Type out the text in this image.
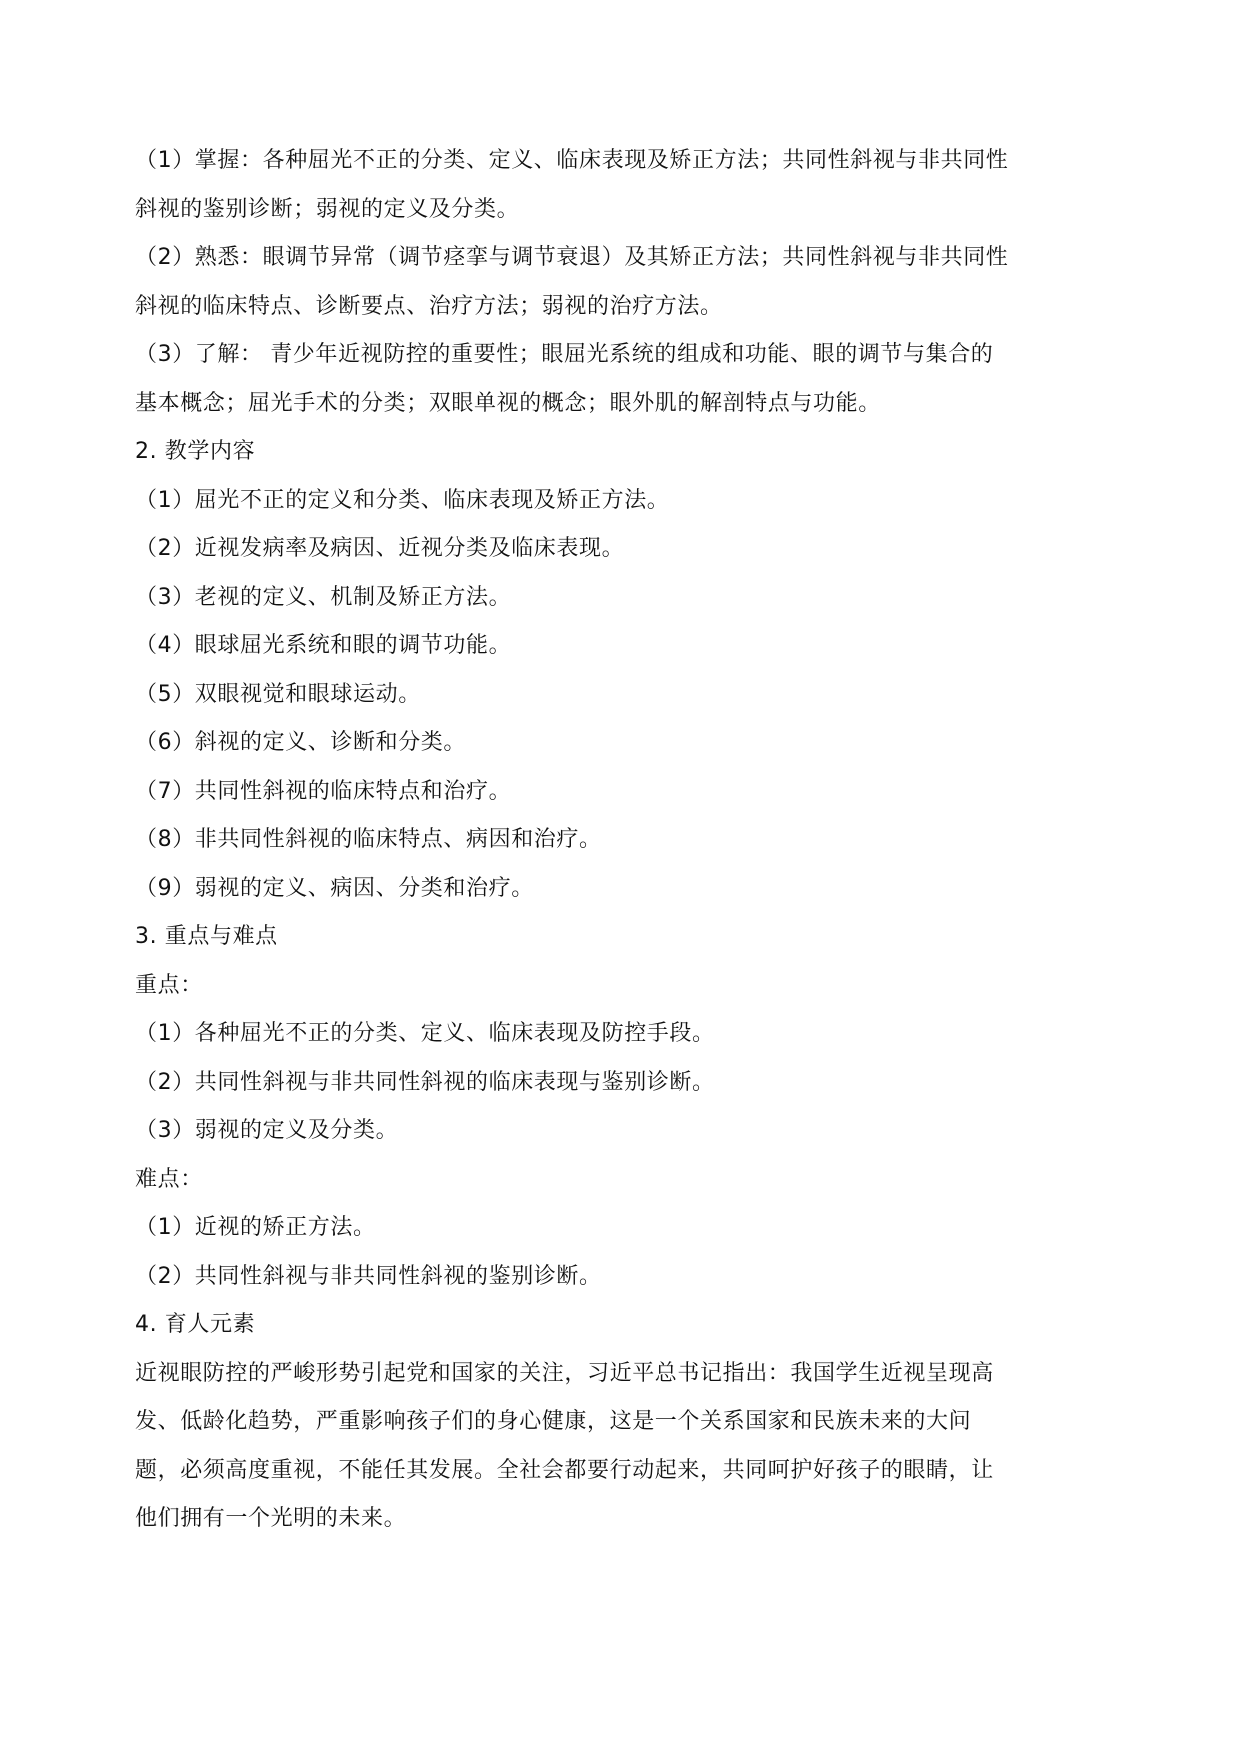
（1）掌握：各种屈光不正的分类、定义、临床表现及矫正方法；共同性斜视与非共同性
斜视的鉴别诊断；弱视的定义及分类。
（2）熟悉：眼调节异常（调节痉挛与调节衰退）及其矫正方法；共同性斜视与非共同性
斜视的临床特点、诊断要点、治疗方法；弱视的治疗方法。
（3）了解： 青少年近视防控的重要性；眼屈光系统的组成和功能、眼的调节与集合的
基本概念；屈光手术的分类；双眼单视的概念；眼外肌的解剖特点与功能。
2. 教学内容
（1）屈光不正的定义和分类、临床表现及矫正方法。
（2）近视发病率及病因、近视分类及临床表现。
（3）老视的定义、机制及矫正方法。
（4）眼球屈光系统和眼的调节功能。
（5）双眼视觉和眼球运动。
（6）斜视的定义、诊断和分类。
（7）共同性斜视的临床特点和治疗。
（8）非共同性斜视的临床特点、病因和治疗。
（9）弱视的定义、病因、分类和治疗。
3. 重点与难点
重点：
（1）各种屈光不正的分类、定义、临床表现及防控手段。
（2）共同性斜视与非共同性斜视的临床表现与鉴别诊断。
（3）弱视的定义及分类。
难点：
（1）近视的矫正方法。
（2）共同性斜视与非共同性斜视的鉴别诊断。
4. 育人元素
近视眼防控的严峻形势引起党和国家的关注，习近平总书记指出：我国学生近视呈现高
发、低龄化趋势，严重影响孩子们的身心健康，这是一个关系国家和民族未来的大问
题，必须高度重视，不能任其发展。全社会都要行动起来，共同呵护好孩子的眼睛，让
他们拥有一个光明的未来。
